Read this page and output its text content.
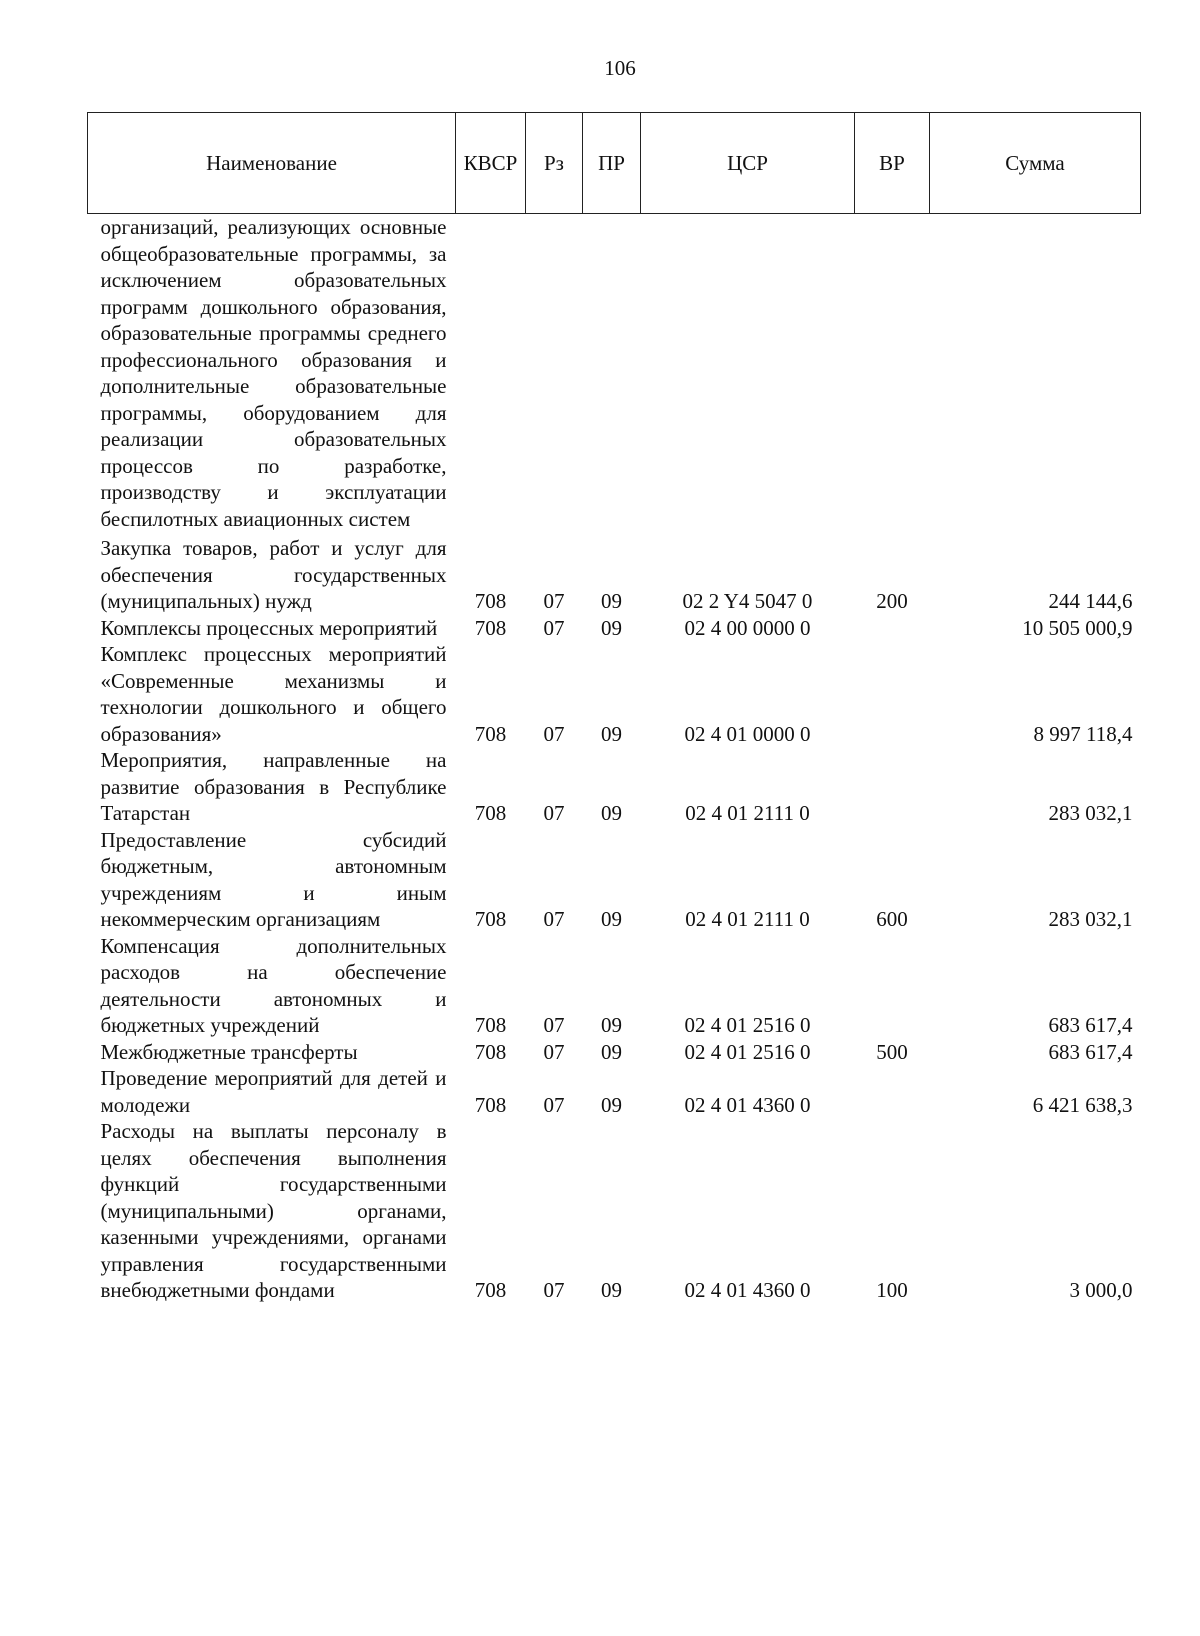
106
Наименование	КВСР	Рз	ПР	ЦСР	ВР	Сумма
организаций, реализующих основные общеобразовательные программы, за исключением образовательных программ дошкольного образования, образовательные программы среднего профессионального образования и дополнительные образовательные программы, оборудованием для реализации образовательных процессов по разработке, производству и эксплуатации беспилотных авиационных систем						

Закупка товаров, работ и услуг для обеспечения государственных (муниципальных) нужд	708	07	09	02 2 Y4 5047 0	200	244 144,6
Комплексы процессных мероприятий	708	07	09	02 4 00 0000 0		10 505 000,9
Комплекс процессных мероприятий «Современные механизмы и технологии дошкольного и общего образования»	708	07	09	02 4 01 0000 0		8 997 118,4
Мероприятия, направленные на развитие образования в Республике Татарстан	708	07	09	02 4 01 2111 0		283 032,1
Предоставление субсидий бюджетным, автономным учреждениям и иным некоммерческим организациям	708	07	09	02 4 01 2111 0	600	283 032,1
Компенсация дополнительных расходов на обеспечение деятельности автономных и бюджетных учреждений	708	07	09	02 4 01 2516 0		683 617,4
Межбюджетные трансферты	708	07	09	02 4 01 2516 0	500	683 617,4
Проведение мероприятий для детей и молодежи	708	07	09	02 4 01 4360 0		6 421 638,3
Расходы на выплаты персоналу в целях обеспечения выполнения функций государственными (муниципальными) органами, казенными учреждениями, органами управления государственными внебюджетными фондами	708	07	09	02 4 01 4360 0	100	3 000,0
